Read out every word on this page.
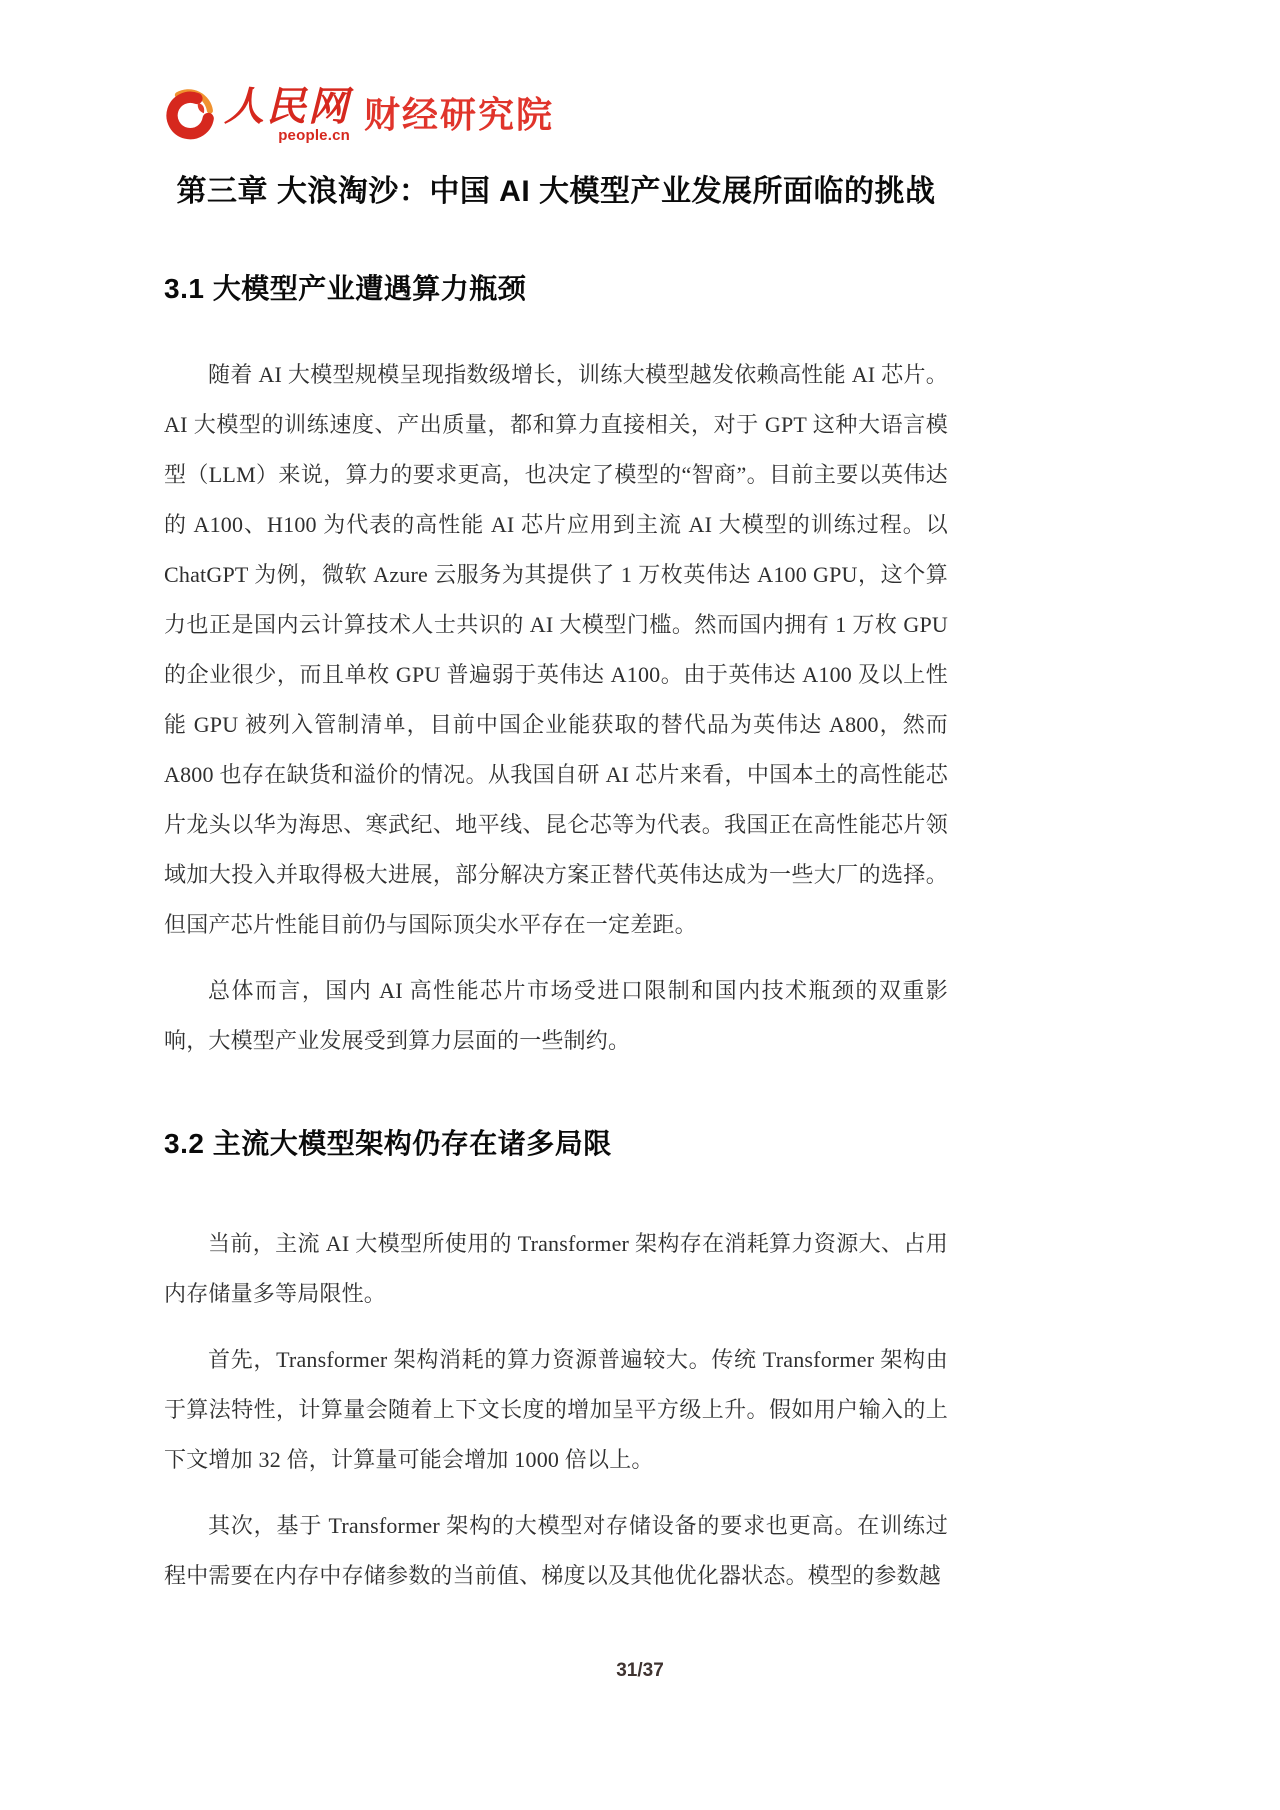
人民网
people.cn
财经研究院
第三章 大浪淘沙：中国 AI 大模型产业发展所面临的挑战
3.1 大模型产业遭遇算力瓶颈

随着 AI 大模型规模呈现指数级增长，训练大模型越发依赖高性能 AI 芯片。AI 大模型的训练速度、产出质量，都和算力直接相关，对于 GPT 这种大语言模型（LLM）来说，算力的要求更高，也决定了模型的“智商”。目前主要以英伟达的 A100、H100 为代表的高性能 AI 芯片应用到主流 AI 大模型的训练过程。以 ChatGPT 为例，微软 Azure 云服务为其提供了 1 万枚英伟达 A100 GPU，这个算力也正是国内云计算技术人士共识的 AI 大模型门槛。然而国内拥有 1 万枚 GPU 的企业很少，而且单枚 GPU 普遍弱于英伟达 A100。由于英伟达 A100 及以上性能 GPU 被列入管制清单，目前中国企业能获取的替代品为英伟达 A800，然而 A800 也存在缺货和溢价的情况。从我国自研 AI 芯片来看，中国本土的高性能芯片龙头以华为海思、寒武纪、地平线、昆仑芯等为代表。我国正在高性能芯片领域加大投入并取得极大进展，部分解决方案正替代英伟达成为一些大厂的选择。但国产芯片性能目前仍与国际顶尖水平存在一定差距。

总体而言，国内 AI 高性能芯片市场受进口限制和国内技术瓶颈的双重影响，大模型产业发展受到算力层面的一些制约。

3.2 主流大模型架构仍存在诸多局限

当前，主流 AI 大模型所使用的 Transformer 架构存在消耗算力资源大、占用内存储量多等局限性。

首先，Transformer 架构消耗的算力资源普遍较大。传统 Transformer 架构由于算法特性，计算量会随着上下文长度的增加呈平方级上升。假如用户输入的上下文增加 32 倍，计算量可能会增加 1000 倍以上。

其次，基于 Transformer 架构的大模型对存储设备的要求也更高。在训练过程中需要在内存中存储参数的当前值、梯度以及其他优化器状态。模型的参数越

31/37
